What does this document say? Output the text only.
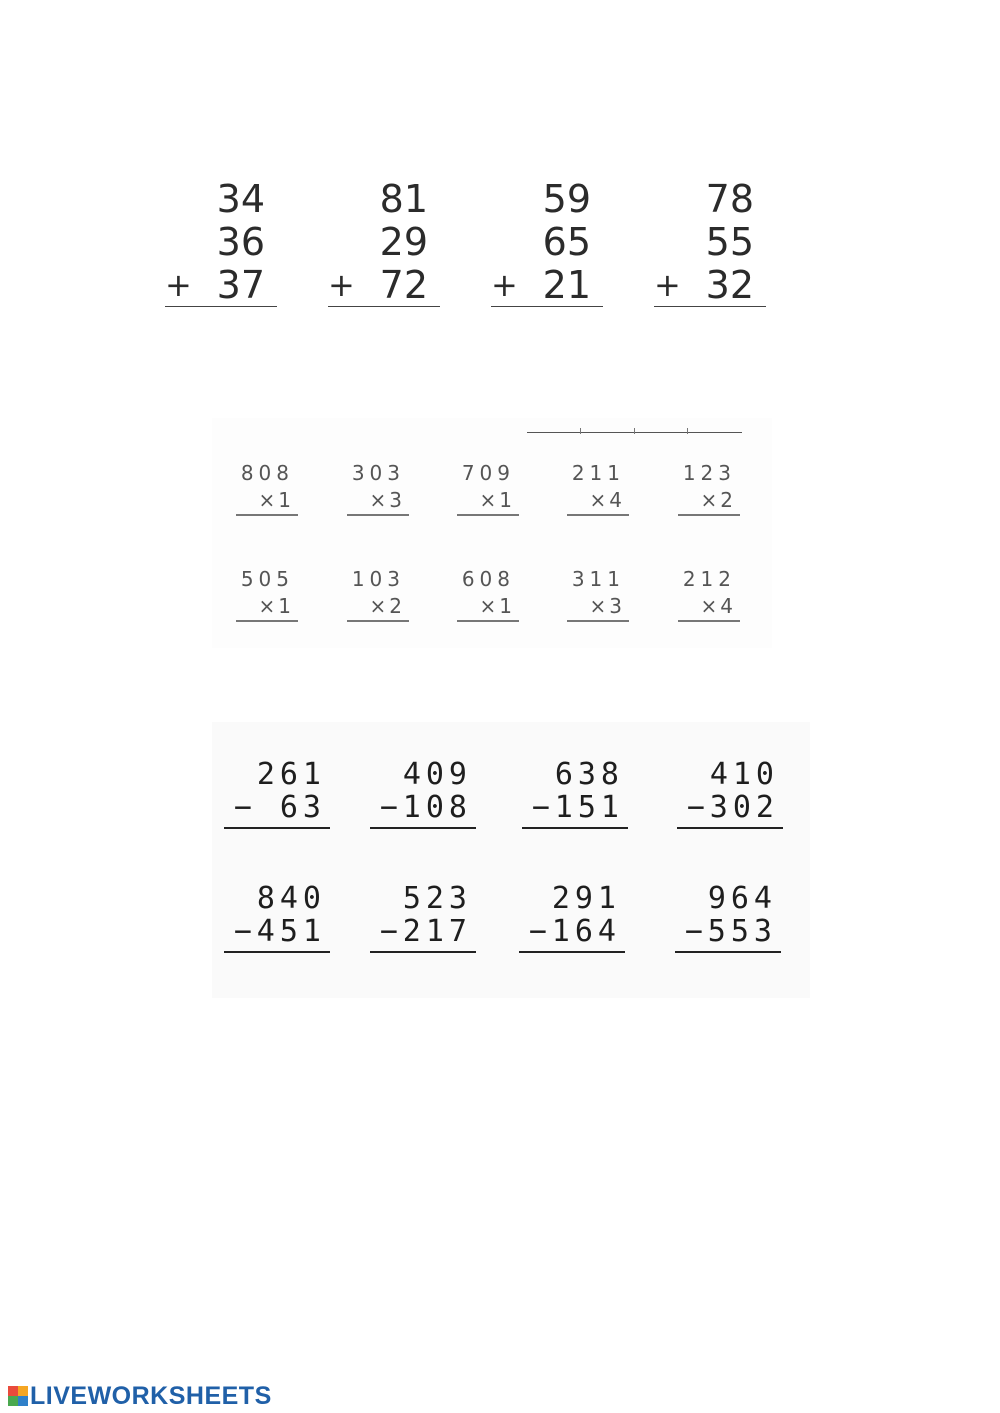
34
36
37
+
81
29
72
+
59
65
21
+
78
55
32
+
808
×1
303
×3
709
×1
211
×4
123
×2
505
×1
103
×2
608
×1
311
×3
212
×4
261
− 63
409
−108
638
−151
410
−302
840
−451
523
−217
291
−164
964
−553
LIVEWORKSHEETS
